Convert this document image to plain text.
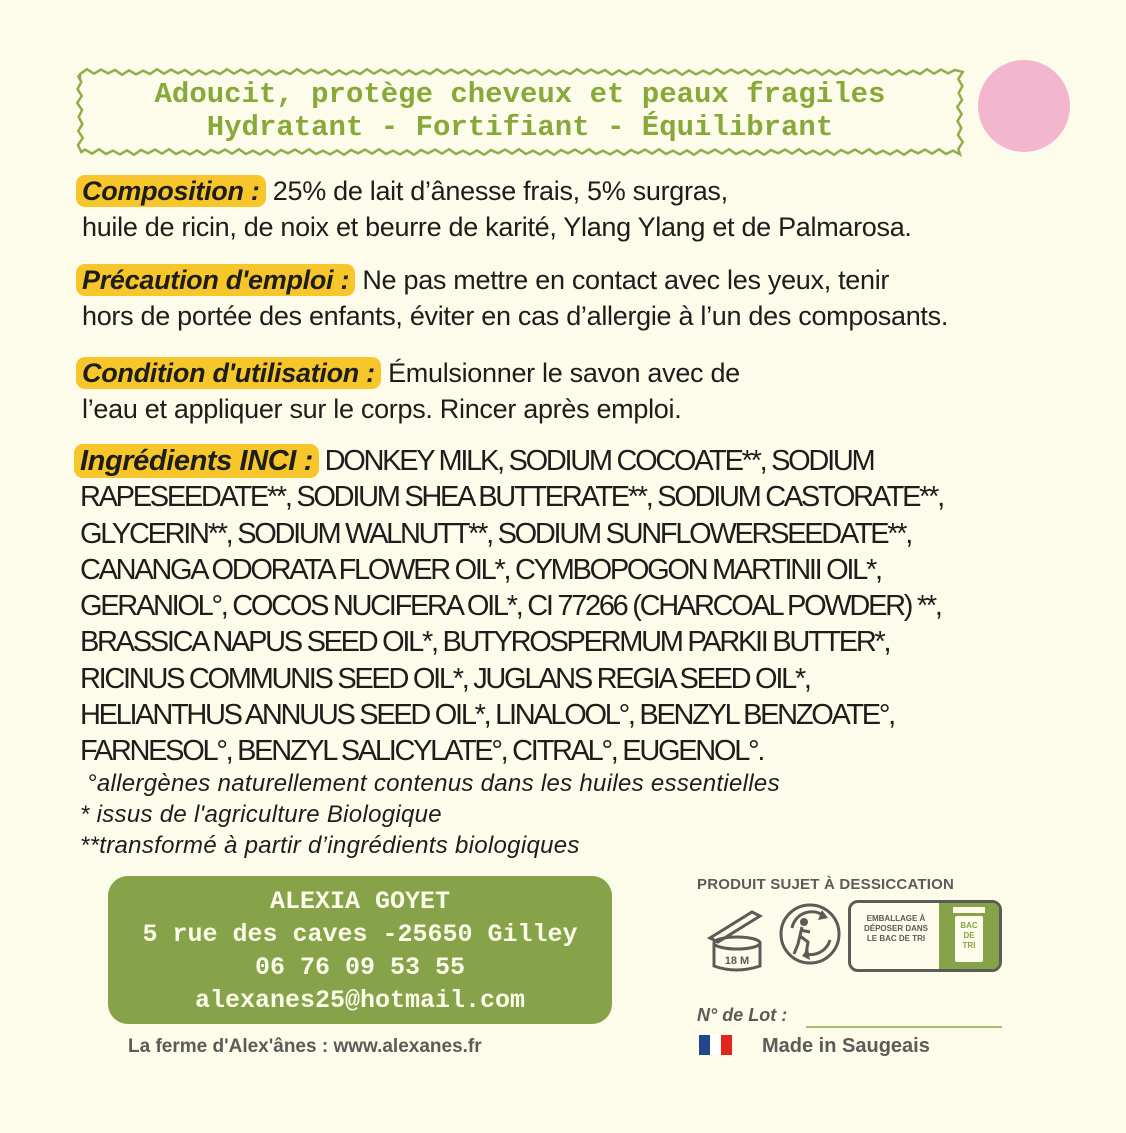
Adoucit, protège cheveux et peaux fragiles
Hydratant - Fortifiant - Équilibrant
Composition : 25% de lait d’ânesse frais, 5% surgras,
huile de ricin, de noix et beurre de karité, Ylang Ylang et de Palmarosa.
Précaution d'emploi : Ne pas mettre en contact avec les yeux, tenir
hors de portée des enfants, éviter en cas d’allergie à l’un des composants.
Condition d'utilisation : Émulsionner le savon avec de
l’eau et appliquer sur le corps. Rincer après emploi.
Ingrédients INCI : DONKEY MILK, SODIUM COCOATE**, SODIUM
RAPESEEDATE**, SODIUM SHEA BUTTERATE**, SODIUM CASTORATE**,
GLYCERIN**, SODIUM WALNUTT**, SODIUM SUNFLOWERSEEDATE**,
CANANGA ODORATA FLOWER OIL*, CYMBOPOGON MARTINII OIL*,
GERANIOL°, COCOS NUCIFERA OIL*, CI 77266 (CHARCOAL POWDER) **,
BRASSICA NAPUS SEED OIL*, BUTYROSPERMUM PARKII BUTTER*,
RICINUS COMMUNIS SEED OIL*, JUGLANS REGIA SEED OIL*,
HELIANTHUS ANNUUS SEED OIL*, LINALOOL°, BENZYL BENZOATE°,
FARNESOL°, BENZYL SALICYLATE°, CITRAL°, EUGENOL°.
°allergènes naturellement contenus dans les huiles essentielles
* issus de l'agriculture Biologique
**transformé à partir d’ingrédients biologiques
ALEXIA GOYET
5 rue des caves -25650 Gilley
06 76 09 53 55
alexanes25@hotmail.com
La ferme d'Alex'ânes : www.alexanes.fr
PRODUIT SUJET À DESSICCATION
18 M
EMBALLAGE À
DÉPOSER DANS
LE BAC DE TRI
BAC
DE
TRI
N° de Lot :
Made in Saugeais
